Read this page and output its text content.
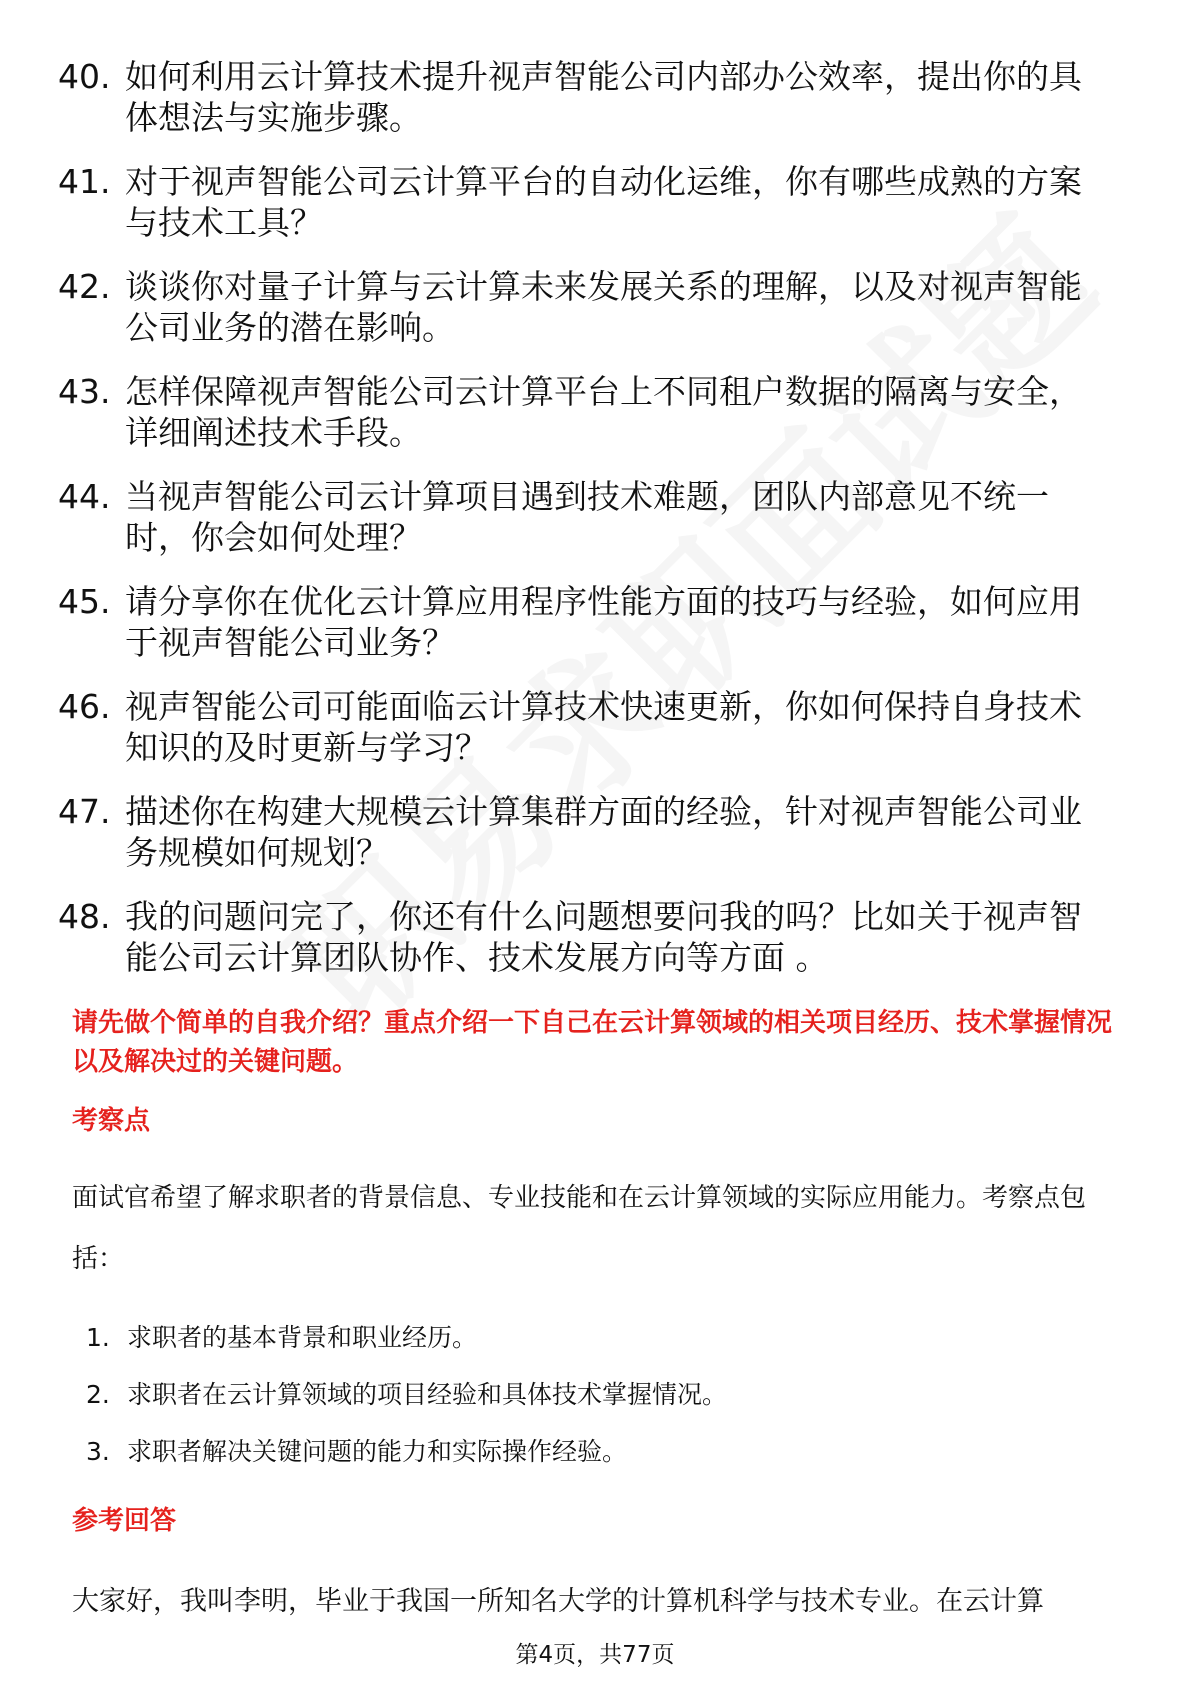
40. 如何利用云计算技术提升视声智能公司内部办公效率，提出你的具体想法与实施步骤。
41. 对于视声智能公司云计算平台的自动化运维，你有哪些成熟的方案与技术工具？
42. 谈谈你对量子计算与云计算未来发展关系的理解，以及对视声智能公司业务的潜在影响。
43. 怎样保障视声智能公司云计算平台上不同租户数据的隔离与安全，详细阐述技术手段。
44. 当视声智能公司云计算项目遇到技术难题，团队内部意见不统一时，你会如何处理？
45. 请分享你在优化云计算应用程序性能方面的技巧与经验，如何应用于视声智能公司业务？
46. 视声智能公司可能面临云计算技术快速更新，你如何保持自身技术知识的及时更新与学习？
47. 描述你在构建大规模云计算集群方面的经验，针对视声智能公司业务规模如何规划？
48. 我的问题问完了，你还有什么问题想要问我的吗？比如关于视声智能公司云计算团队协作、技术发展方向等方面 。
请先做个简单的自我介绍？重点介绍一下自己在云计算领域的相关项目经历、技术掌握情况以及解决过的关键问题。
考察点
面试官希望了解求职者的背景信息、专业技能和在云计算领域的实际应用能力。考察点包括：
1. 求职者的基本背景和职业经历。
2. 求职者在云计算领域的项目经验和具体技术掌握情况。
3. 求职者解决关键问题的能力和实际操作经验。
参考回答
大家好，我叫李明，毕业于我国一所知名大学的计算机科学与技术专业。在云计算
第4页，共77页
